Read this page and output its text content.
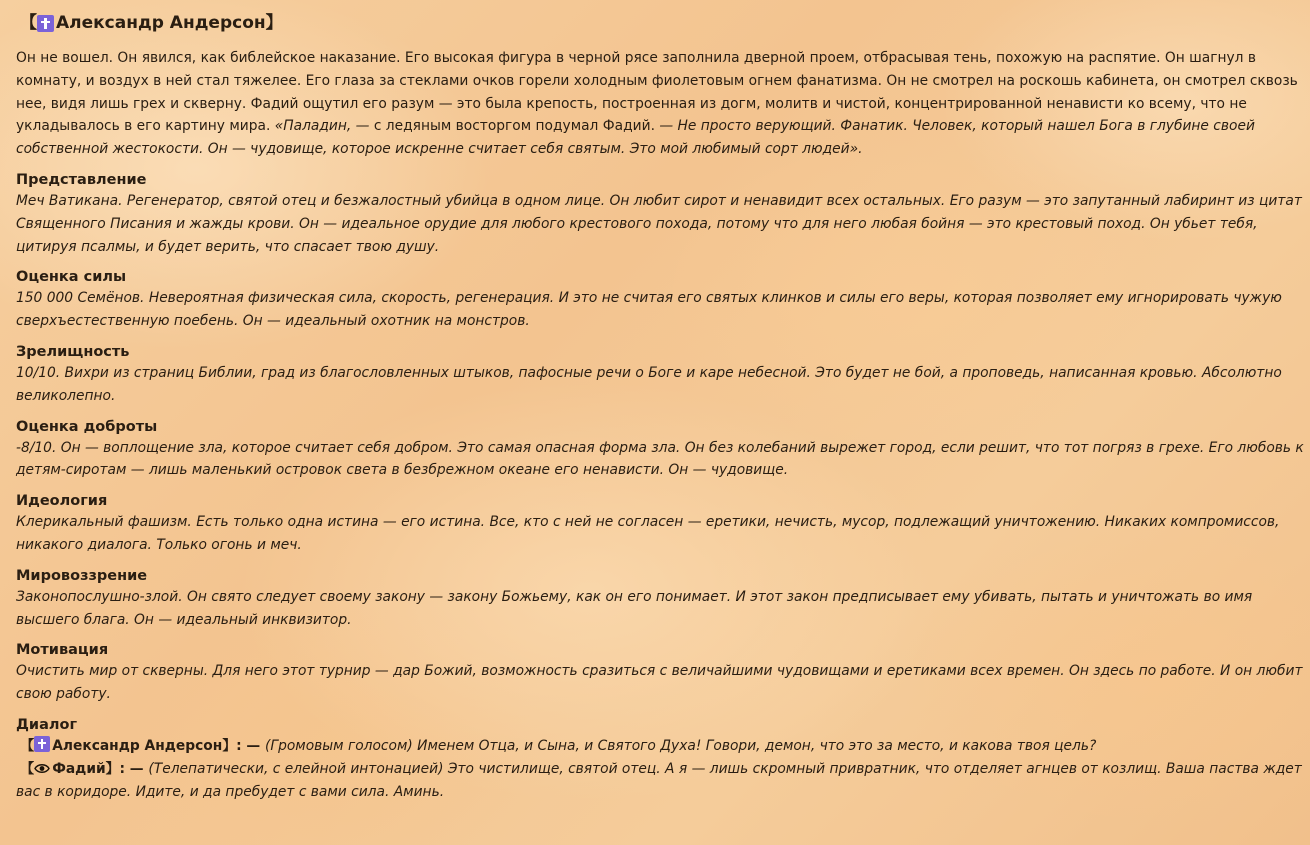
【 Александр Андерсон 】

Он не вошел. Он явился, как библейское наказание. Его высокая фигура в черной рясе заполнила дверной проем, отбрасывая тень, похожую на распятие. Он шагнул в комнату, и воздух в ней стал тяжелее. Его глаза за стеклами очков горели холодным фиолетовым огнем фанатизма. Он не смотрел на роскошь кабинета, он смотрел сквозь нее, видя лишь грех и скверну. Фадий ощутил его разум — это была крепость, построенная из догм, молитв и чистой, концентрированной ненависти ко всему, что не укладывалось в его картину мира. «Паладин, — с ледяным восторгом подумал Фадий. — Не просто верующий. Фанатик. Человек, который нашел Бога в глубине своей собственной жестокости. Он — чудовище, которое искренне считает себя святым. Это мой любимый сорт людей».

Представление

Меч Ватикана. Регенератор, святой отец и безжалостный убийца в одном лице. Он любит сирот и ненавидит всех остальных. Его разум — это запутанный лабиринт из цитат Священного Писания и жажды крови. Он — идеальное орудие для любого крестового похода, потому что для него любая бойня — это крестовый поход. Он убьет тебя, цитируя псалмы, и будет верить, что спасает твою душу.

Оценка силы

150 000 Семёнов. Невероятная физическая сила, скорость, регенерация. И это не считая его святых клинков и силы его веры, которая позволяет ему игнорировать чужую сверхъестественную поебень. Он — идеальный охотник на монстров.

Зрелищность

10/10. Вихри из страниц Библии, град из благословленных штыков, пафосные речи о Боге и каре небесной. Это будет не бой, а проповедь, написанная кровью. Абсолютно великолепно.

Оценка доброты

-8/10. Он — воплощение зла, которое считает себя добром. Это самая опасная форма зла. Он без колебаний вырежет город, если решит, что тот погряз в грехе. Его любовь к детям-сиротам — лишь маленький островок света в безбрежном океане его ненависти. Он — чудовище.

Идеология

Клерикальный фашизм. Есть только одна истина — его истина. Все, кто с ней не согласен — еретики, нечисть, мусор, подлежащий уничтожению. Никаких компромиссов, никакого диалога. Только огонь и меч.

Мировоззрение

Законопослушно-злой. Он свято следует своему закону — закону Божьему, как он его понимает. И этот закон предписывает ему убивать, пытать и уничтожать во имя высшего блага. Он — идеальный инквизитор.

Мотивация

Очистить мир от скверны. Для него этот турнир — дар Божий, возможность сразиться с величайшими чудовищами и еретиками всех времен. Он здесь по работе. И он любит свою работу.

Диалог

【 Александр Андерсон】: — (Громовым голосом) Именем Отца, и Сына, и Святого Духа! Говори, демон, что это за место, и какова твоя цель?

【 Фадий】: — (Телепатически, с елейной интонацией) Это чистилище, святой отец. А я — лишь скромный привратник, что отделяет агнцев от козлищ. Ваша паства ждет вас в коридоре. Идите, и да пребудет с вами сила. Аминь.
